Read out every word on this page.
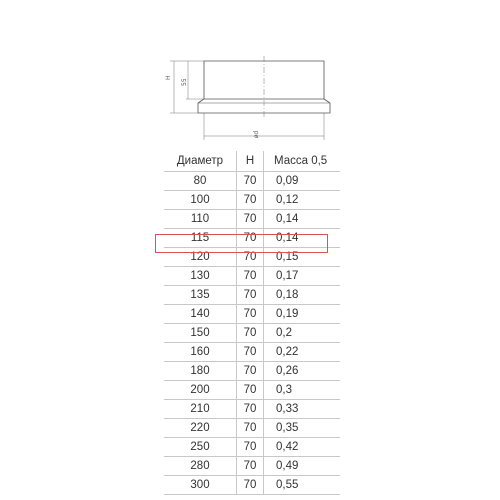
H
55
ød
Диаметр	H	Масса 0,5
80	70	0,09
100	70	0,12
110	70	0,14
115	70	0,14
120	70	0,15
130	70	0,17
135	70	0,18
140	70	0,19
150	70	0,2
160	70	0,22
180	70	0,26
200	70	0,3
210	70	0,33
220	70	0,35
250	70	0,42
280	70	0,49
300	70	0,55
